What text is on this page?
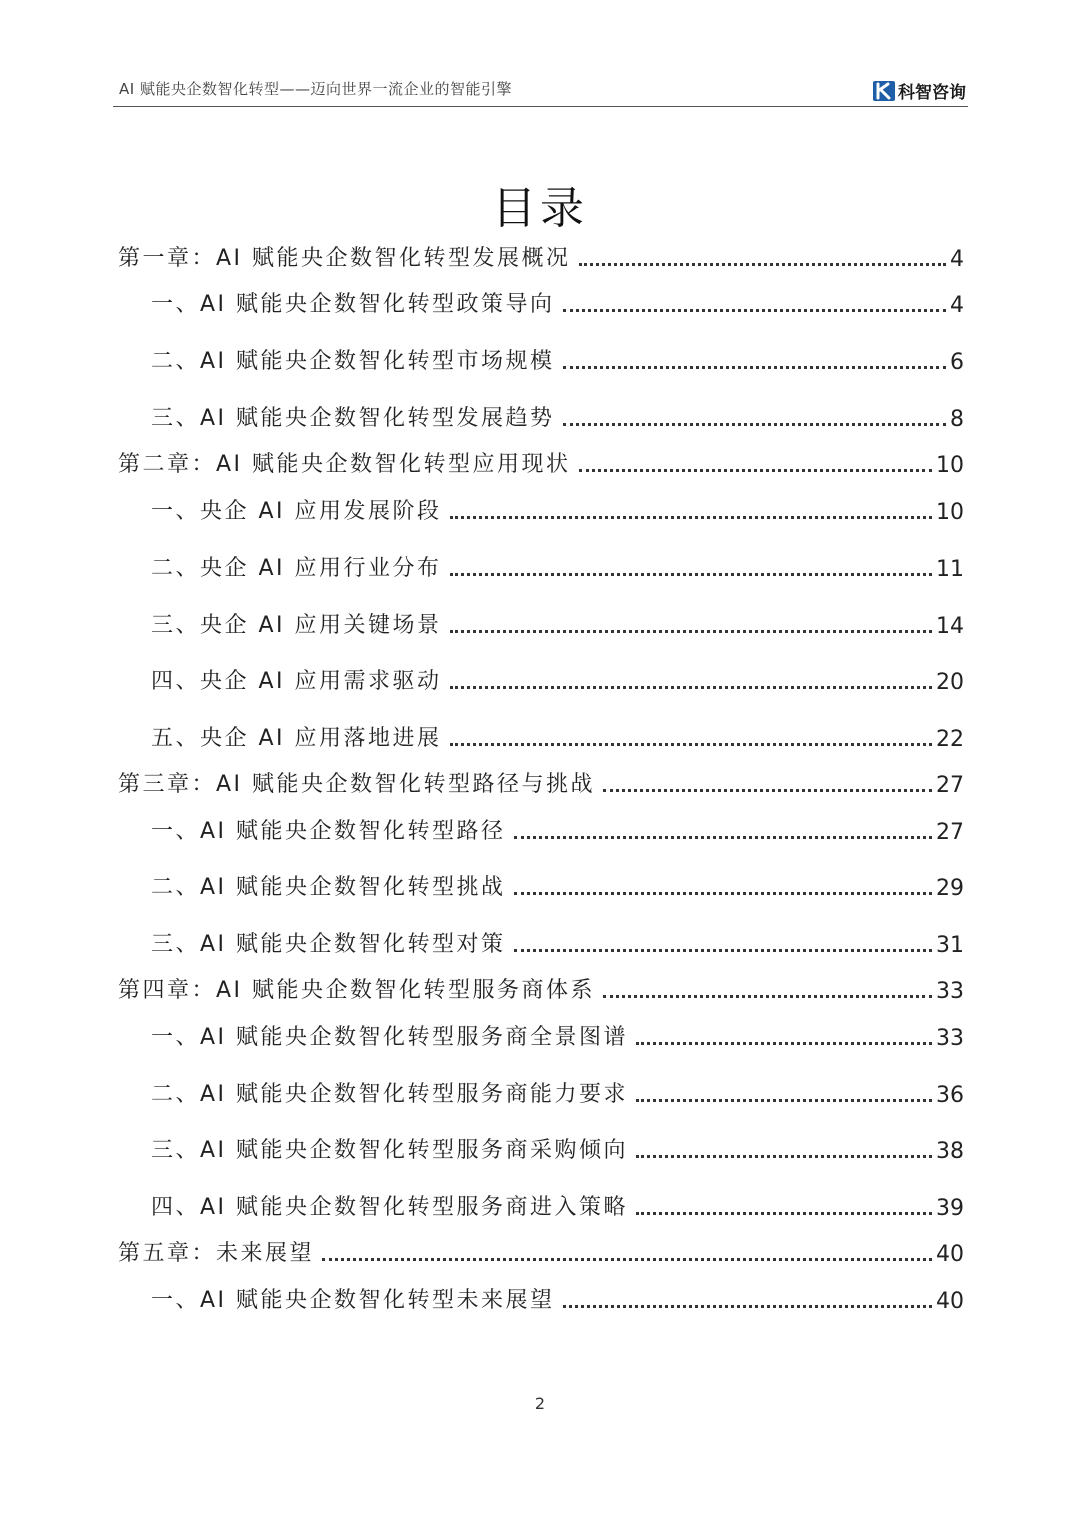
AI 赋能央企数智化转型——迈向世界一流企业的智能引擎	科智咨询
目录
第一章：AI 赋能央企数智化转型发展概况	4
一、AI 赋能央企数智化转型政策导向	4
二、AI 赋能央企数智化转型市场规模	6
三、AI 赋能央企数智化转型发展趋势	8
第二章：AI 赋能央企数智化转型应用现状	10
一、央企 AI 应用发展阶段	10
二、央企 AI 应用行业分布	11
三、央企 AI 应用关键场景	14
四、央企 AI 应用需求驱动	20
五、央企 AI 应用落地进展	22
第三章：AI 赋能央企数智化转型路径与挑战	27
一、AI 赋能央企数智化转型路径	27
二、AI 赋能央企数智化转型挑战	29
三、AI 赋能央企数智化转型对策	31
第四章：AI 赋能央企数智化转型服务商体系	33
一、AI 赋能央企数智化转型服务商全景图谱	33
二、AI 赋能央企数智化转型服务商能力要求	36
三、AI 赋能央企数智化转型服务商采购倾向	38
四、AI 赋能央企数智化转型服务商进入策略	39
第五章：未来展望	40
一、AI 赋能央企数智化转型未来展望	40
2
